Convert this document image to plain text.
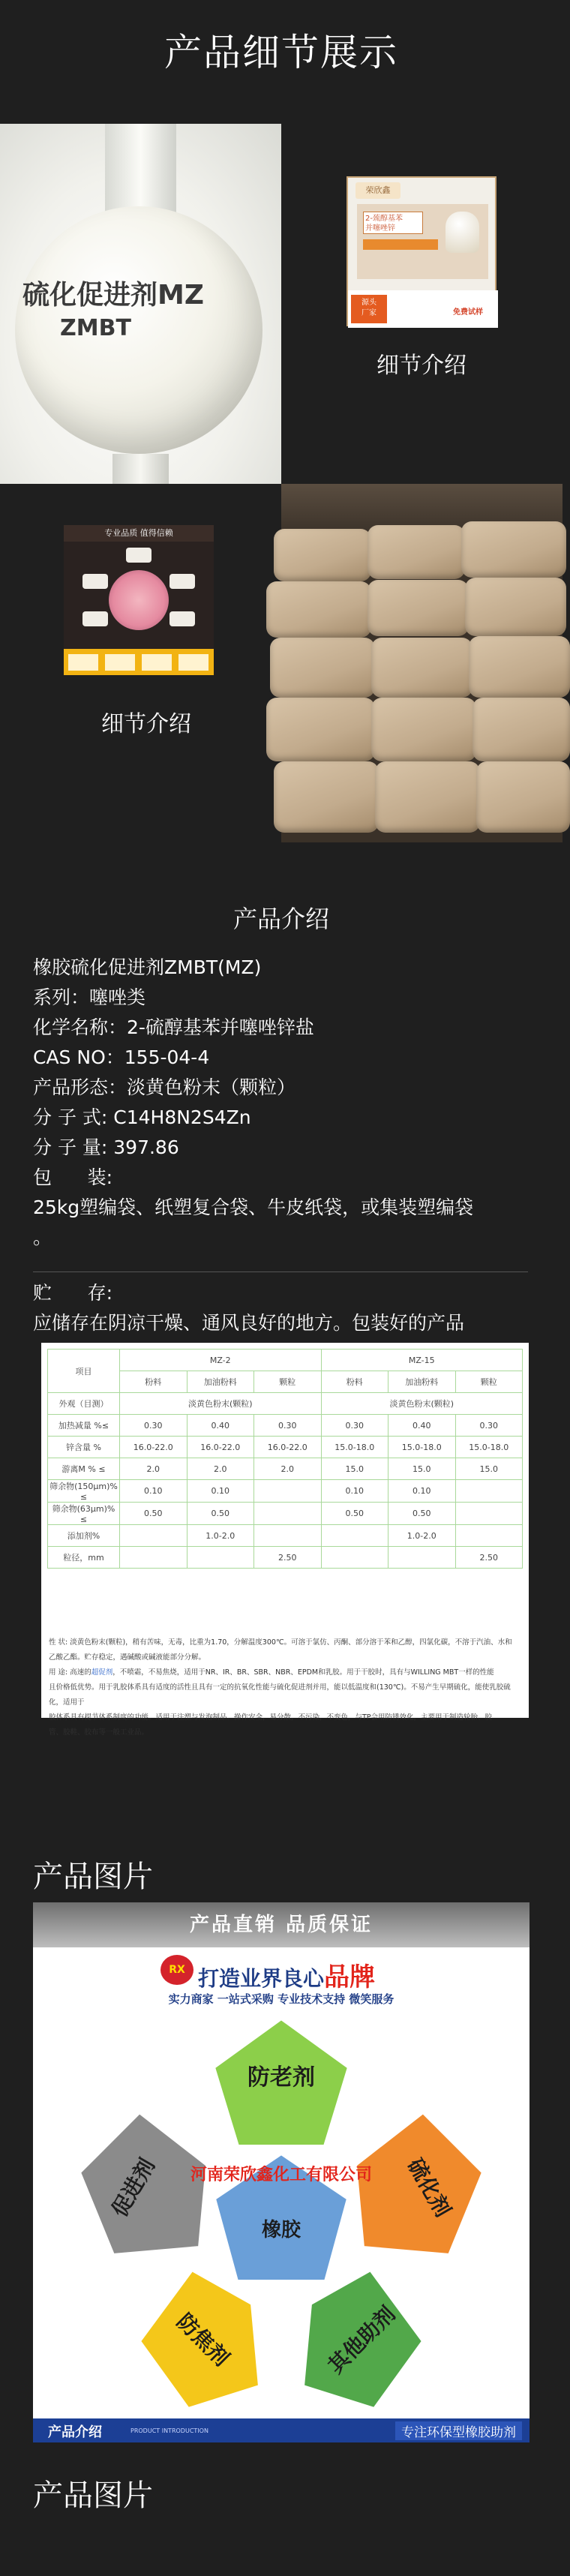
产品细节展示
硫化促进剂MZ
ZMBT
荣欣鑫
2-巯醇基苯
并噻唑锌
源头
厂家	免费试样
细节介绍
专业品质 值得信赖
细节介绍
产品介绍
橡胶硫化促进剂ZMBT(MZ)
系列：噻唑类
化学名称：2-硫醇基苯并噻唑锌盐
CAS NO：155-04-4
产品形态：淡黄色粉末（颗粒）
分 子 式: C14H8N2S4Zn
分 子 量: 397.86
包      装:
25kg塑编袋、纸塑复合袋、牛皮纸袋，或集装塑编袋
。
贮      存:
应储存在阴凉干燥、通风良好的地方。包装好的产品
项目	MZ-2			MZ-15		
	粉料	加油粉料	颗粒	粉料	加油粉料	颗粒
外观（目测）	淡黄色粉末(颗粒)			淡黄色粉末(颗粒)		
加热减量 %≤	0.30	0.40	0.30	0.30	0.40	0.30
锌含量 %	16.0-22.0	16.0-22.0	16.0-22.0	15.0-18.0	15.0-18.0	15.0-18.0
游离M % ≤	2.0	2.0	2.0	15.0	15.0	15.0
筛余物(150μm)% ≤	0.10	0.10		0.10	0.10	
筛余物(63μm)% ≤	0.50	0.50		0.50	0.50	
添加剂%		1.0-2.0			1.0-2.0	
粒径，mm			2.50			2.50
性 状: 淡黄色粉末(颗粒)，稍有苦味，无毒，比重为1.70，分解温度300℃。可溶于氯仿、丙酮、部分溶于苯和乙醇，四氯化碳，不溶于汽油、水和
乙酸乙酯。贮存稳定，遇碱酸或碱液能部分分解。
用 途: 高速的超促剂，不喷霜，不易焦烧，适用于NR、IR、BR、SBR、NBR、EPDM和乳胶。用于干胶时，具有与WILLING MBT一样的性能
且价格低优势。用于乳胶体系具有适度的活性且具有一定的抗氧化性能与硫化促进剂并用，能以低温度和(130℃)。不易产生早期硫化，能使乳胶硫化，适用于
胶体系具有提节体系制度的功能。适用于注塑与发泡制品。操作安全，易分散，不污染，不变色，与TP会用防锈效化，主要用于制造轮胎、胶
管、胶鞋、胶布等一般工业品。
产品图片
产品直销 品质保证
RX 打造业界良心品牌
实力商家 一站式采购 专业技术支持 微笑服务
防老剂
硫化剂
其他助剂
防焦剂
促进剂
橡胶
河南荣欣鑫化工有限公司
产品介绍	PRODUCT INTRODUCTION	专注环保型橡胶助剂
产品图片
